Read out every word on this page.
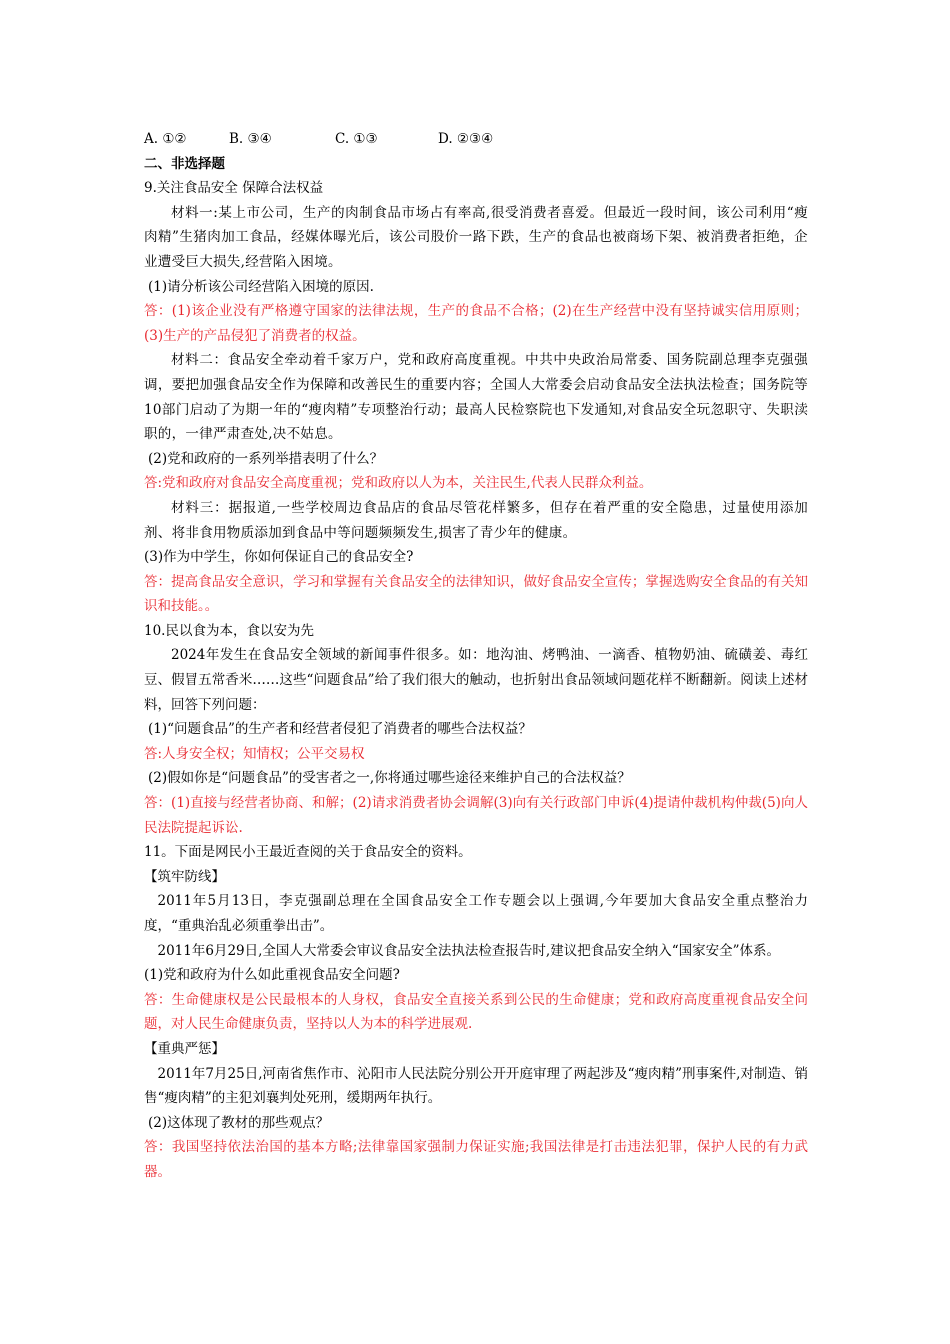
A. ①②	B. ③④	C. ①③	D. ②③④

二、非选择题

9.关注食品安全 保障合法权益

材料一:某上市公司，生产的肉制食品市场占有率高,很受消费者喜爱。但最近一段时间，该公司利用“瘦肉精”生猪肉加工食品，经媒体曝光后，该公司股价一路下跌，生产的食品也被商场下架、被消费者拒绝，企业遭受巨大损失,经营陷入困境。

(1)请分析该公司经营陷入困境的原因.

答：(1)该企业没有严格遵守国家的法律法规，生产的食品不合格；(2)在生产经营中没有坚持诚实信用原则；(3)生产的产品侵犯了消费者的权益。

材料二：食品安全牵动着千家万户，党和政府高度重视。中共中央政治局常委、国务院副总理李克强强调，要把加强食品安全作为保障和改善民生的重要内容；全国人大常委会启动食品安全法执法检查；国务院等10部门启动了为期一年的“瘦肉精”专项整治行动；最高人民检察院也下发通知,对食品安全玩忽职守、失职渎职的，一律严肃查处,决不姑息。

(2)党和政府的一系列举措表明了什么？

答:党和政府对食品安全高度重视；党和政府以人为本，关注民生,代表人民群众利益。

材料三：据报道,一些学校周边食品店的食品尽管花样繁多，但存在着严重的安全隐患，过量使用添加剂、将非食用物质添加到食品中等问题频频发生,损害了青少年的健康。

(3)作为中学生，你如何保证自己的食品安全?

答：提高食品安全意识，学习和掌握有关食品安全的法律知识，做好食品安全宣传；掌握选购安全食品的有关知识和技能。。

10.民以食为本，食以安为先

2024年发生在食品安全领域的新闻事件很多。如：地沟油、烤鸭油、一滴香、植物奶油、硫磺姜、毒红豆、假冒五常香米……这些“问题食品”给了我们很大的触动，也折射出食品领域问题花样不断翻新。阅读上述材料，回答下列问题：

(1)“问题食品”的生产者和经营者侵犯了消费者的哪些合法权益？

答:人身安全权；知情权；公平交易权

(2)假如你是“问题食品”的受害者之一,你将通过哪些途径来维护自己的合法权益？

答：(1)直接与经营者协商、和解；(2)请求消费者协会调解(3)向有关行政部门申诉(4)提请仲裁机构仲裁(5)向人民法院提起诉讼.

11。下面是网民小王最近查阅的关于食品安全的资料。

【筑牢防线】

2011年5月13日，李克强副总理在全国食品安全工作专题会以上强调,今年要加大食品安全重点整治力度，“重典治乱必须重拳出击”。

2011年6月29日,全国人大常委会审议食品安全法执法检查报告时,建议把食品安全纳入“国家安全”体系。

(1)党和政府为什么如此重视食品安全问题?

答：生命健康权是公民最根本的人身权，食品安全直接关系到公民的生命健康；党和政府高度重视食品安全问题，对人民生命健康负责，坚持以人为本的科学进展观.

【重典严惩】

2011年7月25日,河南省焦作市、沁阳市人民法院分别公开开庭审理了两起涉及“瘦肉精”刑事案件,对制造、销售“瘦肉精”的主犯刘襄判处死刑，缓期两年执行。

(2)这体现了教材的那些观点？

答：我国坚持依法治国的基本方略;法律靠国家强制力保证实施;我国法律是打击违法犯罪，保护人民的有力武器。
